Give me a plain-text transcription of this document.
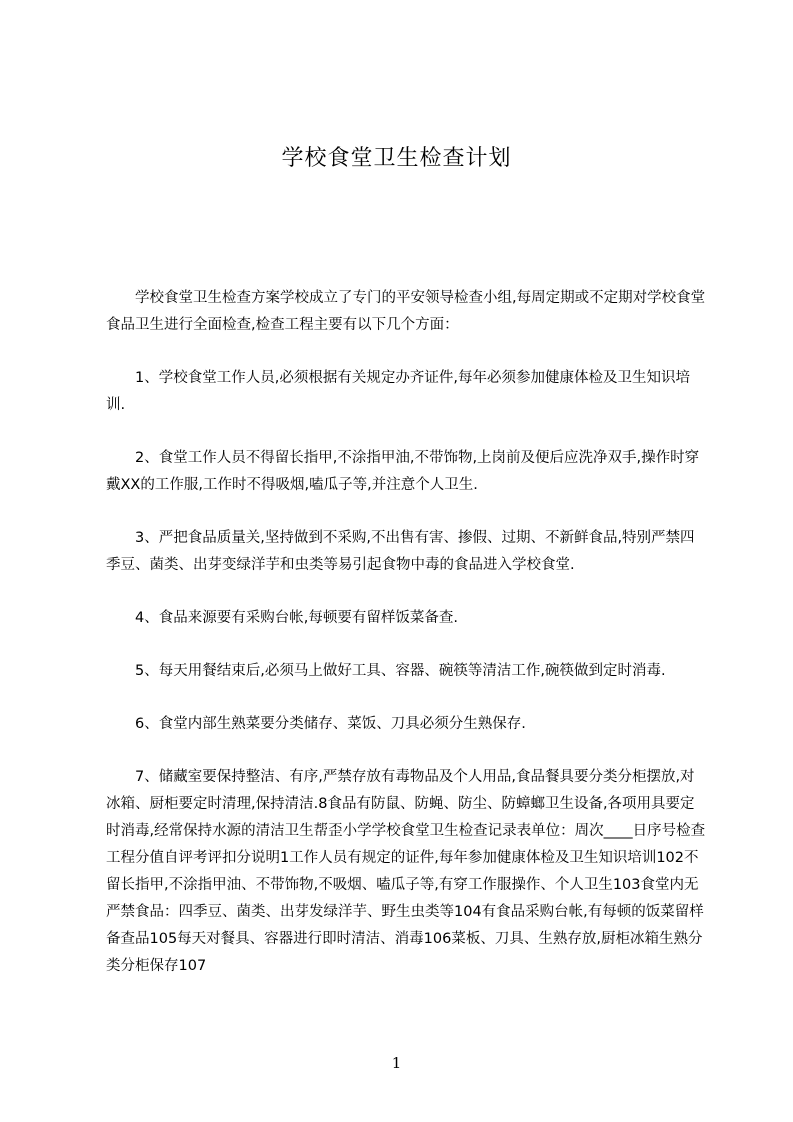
学校食堂卫生检查计划

学校食堂卫生检查方案学校成立了专门的平安领导检查小组,每周定期或不定期对学校食堂食品卫生进行全面检查,检查工程主要有以下几个方面：

1、学校食堂工作人员,必须根据有关规定办齐证件,每年必须参加健康体检及卫生知识培训.

2、食堂工作人员不得留长指甲,不涂指甲油,不带饰物,上岗前及便后应洗净双手,操作时穿戴XX的工作服,工作时不得吸烟,嗑瓜子等,并注意个人卫生.

3、严把食品质量关,坚持做到不采购,不出售有害、掺假、过期、不新鲜食品,特别严禁四季豆、菌类、出芽变绿洋芋和虫类等易引起食物中毒的食品进入学校食堂.

4、食品来源要有采购台帐,每顿要有留样饭菜备查.

5、每天用餐结束后,必须马上做好工具、容器、碗筷等清洁工作,碗筷做到定时消毒.

6、食堂内部生熟菜要分类储存、菜饭、刀具必须分生熟保存.

7、储藏室要保持整洁、有序,严禁存放有毒物品及个人用品,食品餐具要分类分柜摆放,对冰箱、厨柜要定时清理,保持清洁.8食品有防鼠、防蝇、防尘、防蟑螂卫生设备,各项用具要定时消毒,经常保持水源的清洁卫生帮歪小学学校食堂卫生检查记录表单位：周次____日序号检查工程分值自评考评扣分说明1工作人员有规定的证件,每年参加健康体检及卫生知识培训102不留长指甲,不涂指甲油、不带饰物,不吸烟、嗑瓜子等,有穿工作服操作、个人卫生103食堂内无严禁食品：四季豆、菌类、出芽发绿洋芋、野生虫类等104有食品采购台帐,有每顿的饭菜留样备查品105每天对餐具、容器进行即时清洁、消毒106菜板、刀具、生熟存放,厨柜冰箱生熟分类分柜保存107

1
